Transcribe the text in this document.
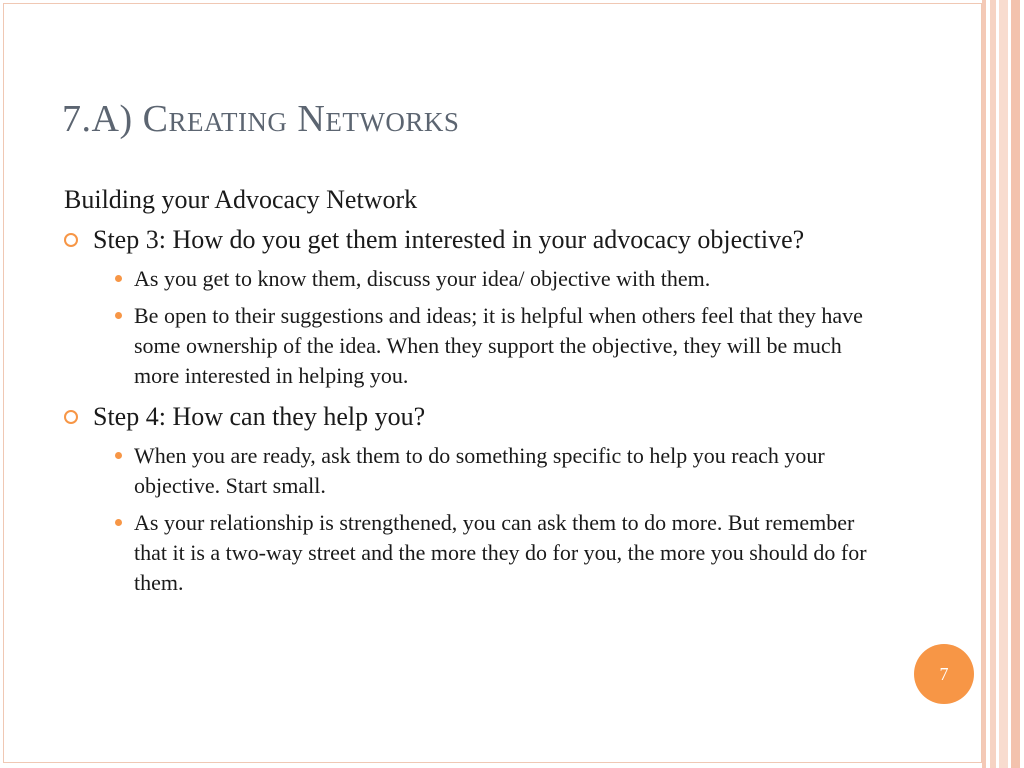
7.A) Creating Networks
Building your Advocacy Network
Step 3: How do you get them interested in your advocacy objective?
As you get to know them, discuss your idea/ objective with them.
Be open to their suggestions and ideas; it is helpful when others feel that they have some ownership of the idea. When they support the objective, they will be much more interested in helping you.
Step 4: How can they help you?
When you are ready, ask them to do something specific to help you reach your objective. Start small.
As your relationship is strengthened, you can ask them to do more. But remember that it is a two-way street and the more they do for you, the more you should do for them.
7
